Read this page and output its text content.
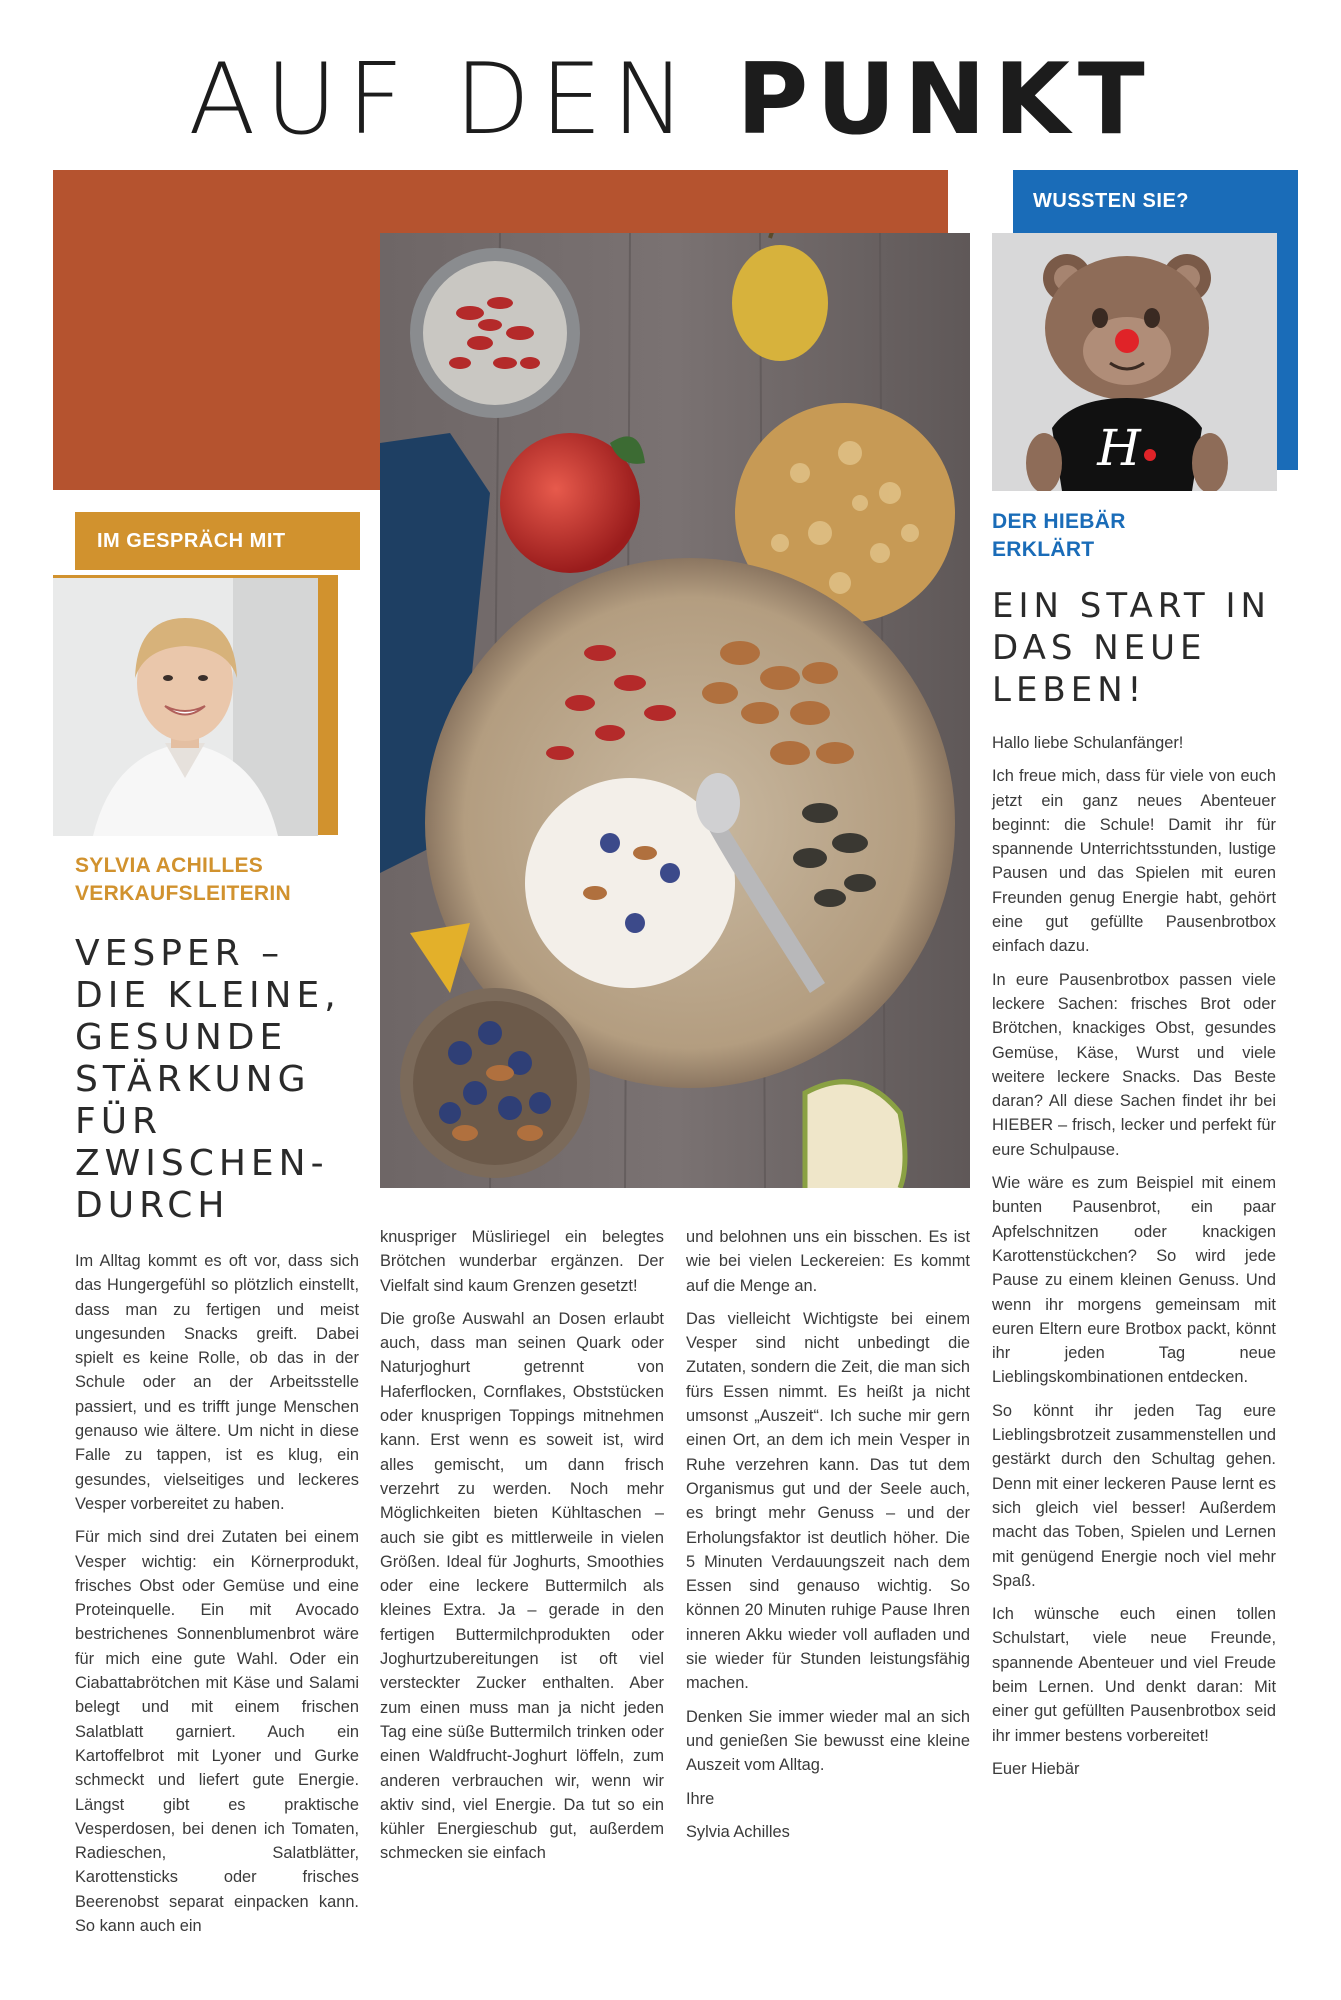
AUF DEN PUNKT
IM GESPRÄCH MIT
SYLVIA ACHILLES
VERKAUFSLEITERIN
VESPER –
DIE KLEINE,
GESUNDE
STÄRKUNG
FÜR
ZWISCHEN-
DURCH

Im Alltag kommt es oft vor, dass sich das Hungergefühl so plötzlich einstellt, dass man zu fertigen und meist ungesunden Snacks greift. Dabei spielt es keine Rolle, ob das in der Schule oder an der Arbeitsstelle passiert, und es trifft junge Menschen genauso wie ältere. Um nicht in diese Falle zu tappen, ist es klug, ein gesundes, vielseitiges und leckeres Vesper vorbereitet zu haben.

Für mich sind drei Zutaten bei einem Vesper wichtig: ein Körnerprodukt, frisches Obst oder Gemüse und eine Proteinquelle. Ein mit Avocado bestrichenes Sonnenblumenbrot wäre für mich eine gute Wahl. Oder ein Ciabattabrötchen mit Käse und Salami belegt und mit einem frischen Salatblatt garniert. Auch ein Kartoffelbrot mit Lyoner und Gurke schmeckt und liefert gute Energie. Längst gibt es praktische Vesperdosen, bei denen ich Tomaten, Radieschen, Salatblätter, Karottensticks oder frisches Beerenobst separat einpacken kann. So kann auch ein

knuspriger Müsliriegel ein belegtes Brötchen wunderbar ergänzen. Der Vielfalt sind kaum Grenzen gesetzt!

Die große Auswahl an Dosen erlaubt auch, dass man seinen Quark oder Naturjoghurt getrennt von Haferflocken, Cornflakes, Obststücken oder knusprigen Toppings mitnehmen kann. Erst wenn es soweit ist, wird alles gemischt, um dann frisch verzehrt zu werden. Noch mehr Möglichkeiten bieten Kühltaschen – auch sie gibt es mittlerweile in vielen Größen. Ideal für Joghurts, Smoothies oder eine leckere Buttermilch als kleines Extra. Ja – gerade in den fertigen Buttermilchprodukten oder Joghurtzubereitungen ist oft viel versteckter Zucker enthalten. Aber zum einen muss man ja nicht jeden Tag eine süße Buttermilch trinken oder einen Waldfrucht-Joghurt löffeln, zum anderen verbrauchen wir, wenn wir aktiv sind, viel Energie. Da tut so ein kühler Energieschub gut, außerdem schmecken sie einfach

und belohnen uns ein bisschen. Es ist wie bei vielen Leckereien: Es kommt auf die Menge an.

Das vielleicht Wichtigste bei einem Vesper sind nicht unbedingt die Zutaten, sondern die Zeit, die man sich fürs Essen nimmt. Es heißt ja nicht umsonst „Auszeit“. Ich suche mir gern einen Ort, an dem ich mein Vesper in Ruhe verzehren kann. Das tut dem Organismus gut und der Seele auch, es bringt mehr Genuss – und der Erholungsfaktor ist deutlich höher. Die 5 Minuten Verdauungszeit nach dem Essen sind genauso wichtig. So können 20 Minuten ruhige Pause Ihren inneren Akku wieder voll aufladen und sie wieder für Stunden leistungsfähig machen.

Denken Sie immer wieder mal an sich und genießen Sie bewusst eine kleine Auszeit vom Alltag.

Ihre

Sylvia Achilles

WUSSTEN SIE?
H
DER HIEBÄR
ERKLÄRT
EIN START IN
DAS NEUE
LEBEN!

Hallo liebe Schulanfänger!

Ich freue mich, dass für viele von euch jetzt ein ganz neues Abenteuer beginnt: die Schule! Damit ihr für spannende Unterrichtsstunden, lustige Pausen und das Spielen mit euren Freunden genug Energie habt, gehört eine gut gefüllte Pausenbrotbox einfach dazu.

In eure Pausenbrotbox passen viele leckere Sachen: frisches Brot oder Brötchen, knackiges Obst, gesundes Gemüse, Käse, Wurst und viele weitere leckere Snacks. Das Beste daran? All diese Sachen findet ihr bei HIEBER – frisch, lecker und perfekt für eure Schulpause.

Wie wäre es zum Beispiel mit einem bunten Pausenbrot, ein paar Apfelschnitzen oder knackigen Karottenstückchen? So wird jede Pause zu einem kleinen Genuss. Und wenn ihr morgens gemeinsam mit euren Eltern eure Brotbox packt, könnt ihr jeden Tag neue Lieblingskombinationen entdecken.

So könnt ihr jeden Tag eure Lieblingsbrotzeit zusammenstellen und gestärkt durch den Schultag gehen. Denn mit einer leckeren Pause lernt es sich gleich viel besser! Außerdem macht das Toben, Spielen und Lernen mit genügend Energie noch viel mehr Spaß.

Ich wünsche euch einen tollen Schulstart, viele neue Freunde, spannende Abenteuer und viel Freude beim Lernen. Und denkt daran: Mit einer gut gefüllten Pausenbrotbox seid ihr immer bestens vorbereitet!

Euer Hiebär
